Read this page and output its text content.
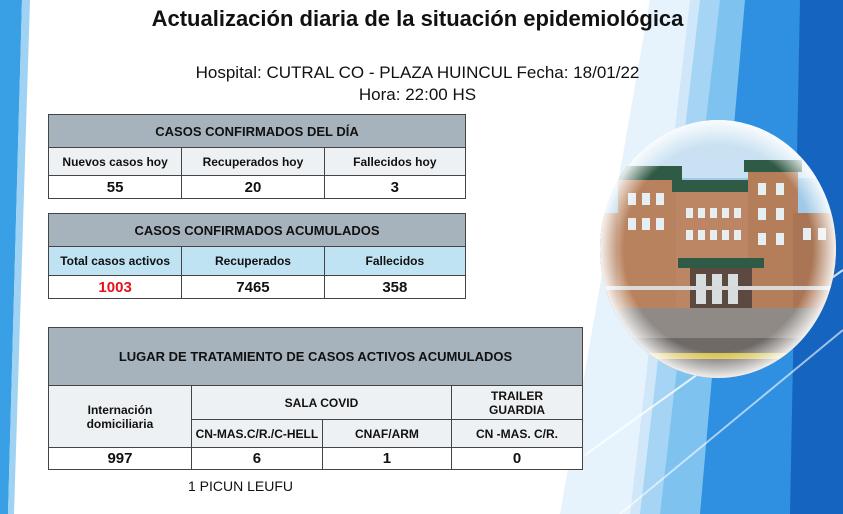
Actualización diaria de la situación epidemiológica
Hospital: CUTRAL CO - PLAZA HUINCUL Fecha: 18/01/22
Hora: 22:00 HS
CASOS CONFIRMADOS DEL DÍA		
Nuevos casos hoy	Recuperados hoy	Fallecidos hoy
55	20	3
CASOS CONFIRMADOS ACUMULADOS		
Total casos activos	Recuperados	Fallecidos
1003	7465	358
LUGAR DE TRATAMIENTO DE CASOS ACTIVOS ACUMULADOS			
Internación domiciliaria	SALA COVID		TRAILER GUARDIA
	CN-MAS.C/R./C-HELL	CNAF/ARM	CN -MAS. C/R.
997	6	1	0
1 PICUN LEUFU
